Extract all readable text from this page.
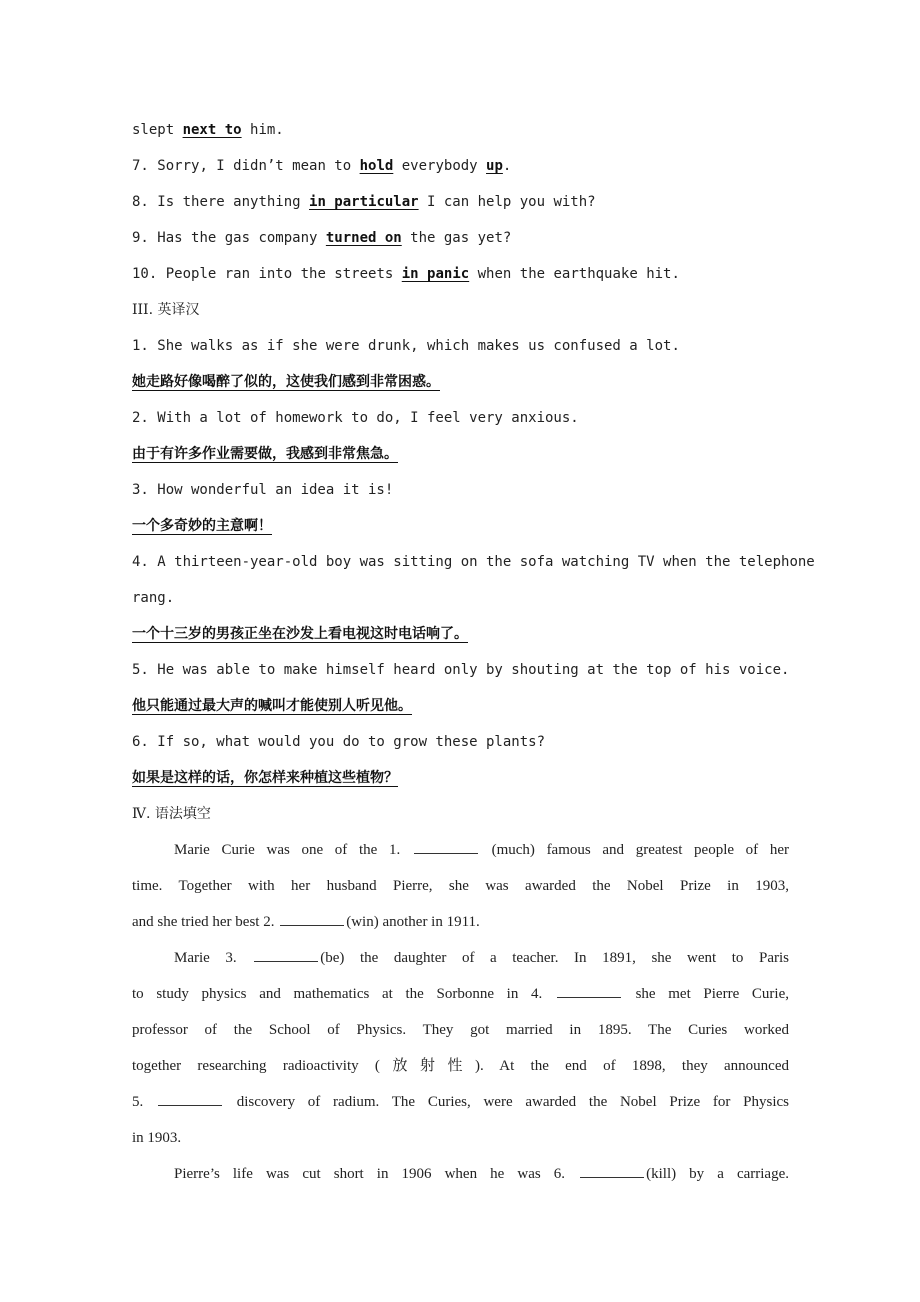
slept next to him.
7. Sorry, I didn’t mean to hold everybody up.
8. Is there anything in particular I can help you with?
9. Has the gas company turned on the gas yet?
10. People ran into the streets in panic when the earthquake hit.
III. 英译汉
1. She walks as if she were drunk, which makes us confused a lot.
她走路好像喝醉了似的，这使我们感到非常困惑。
2. With a lot of homework to do, I feel very anxious.
由于有许多作业需要做，我感到非常焦急。
3. How wonderful an idea it is!
一个多奇妙的主意啊！
4. A thirteen-year-old boy was sitting on the sofa watching TV when the telephone
rang.
一个十三岁的男孩正坐在沙发上看电视这时电话响了。
5. He was able to make himself heard only by shouting at the top of his voice.
他只能通过最大声的喊叫才能使别人听见他。
6. If so, what would you do to grow these plants?
如果是这样的话，你怎样来种植这些植物？
Ⅳ. 语法填空
Marie Curie was one of the 1.	(much) famous and greatest people of her
time. Together with her husband Pierre, she was awarded the Nobel Prize in 1903,
and she tried her best 2.	(win) another in 1911.
Marie 3.	(be) the daughter of a teacher. In 1891, she went to Paris
to study physics and mathematics at the Sorbonne in 4.	she met Pierre Curie,
professor of the School of Physics. They got married in 1895. The Curies worked
together researching radioactivity (放射性). At the end of 1898, they announced
5.	discovery of radium. The Curies, were awarded the Nobel Prize for Physics
in 1903.
Pierre’s life was cut short in 1906 when he was 6.	(kill) by a carriage.
